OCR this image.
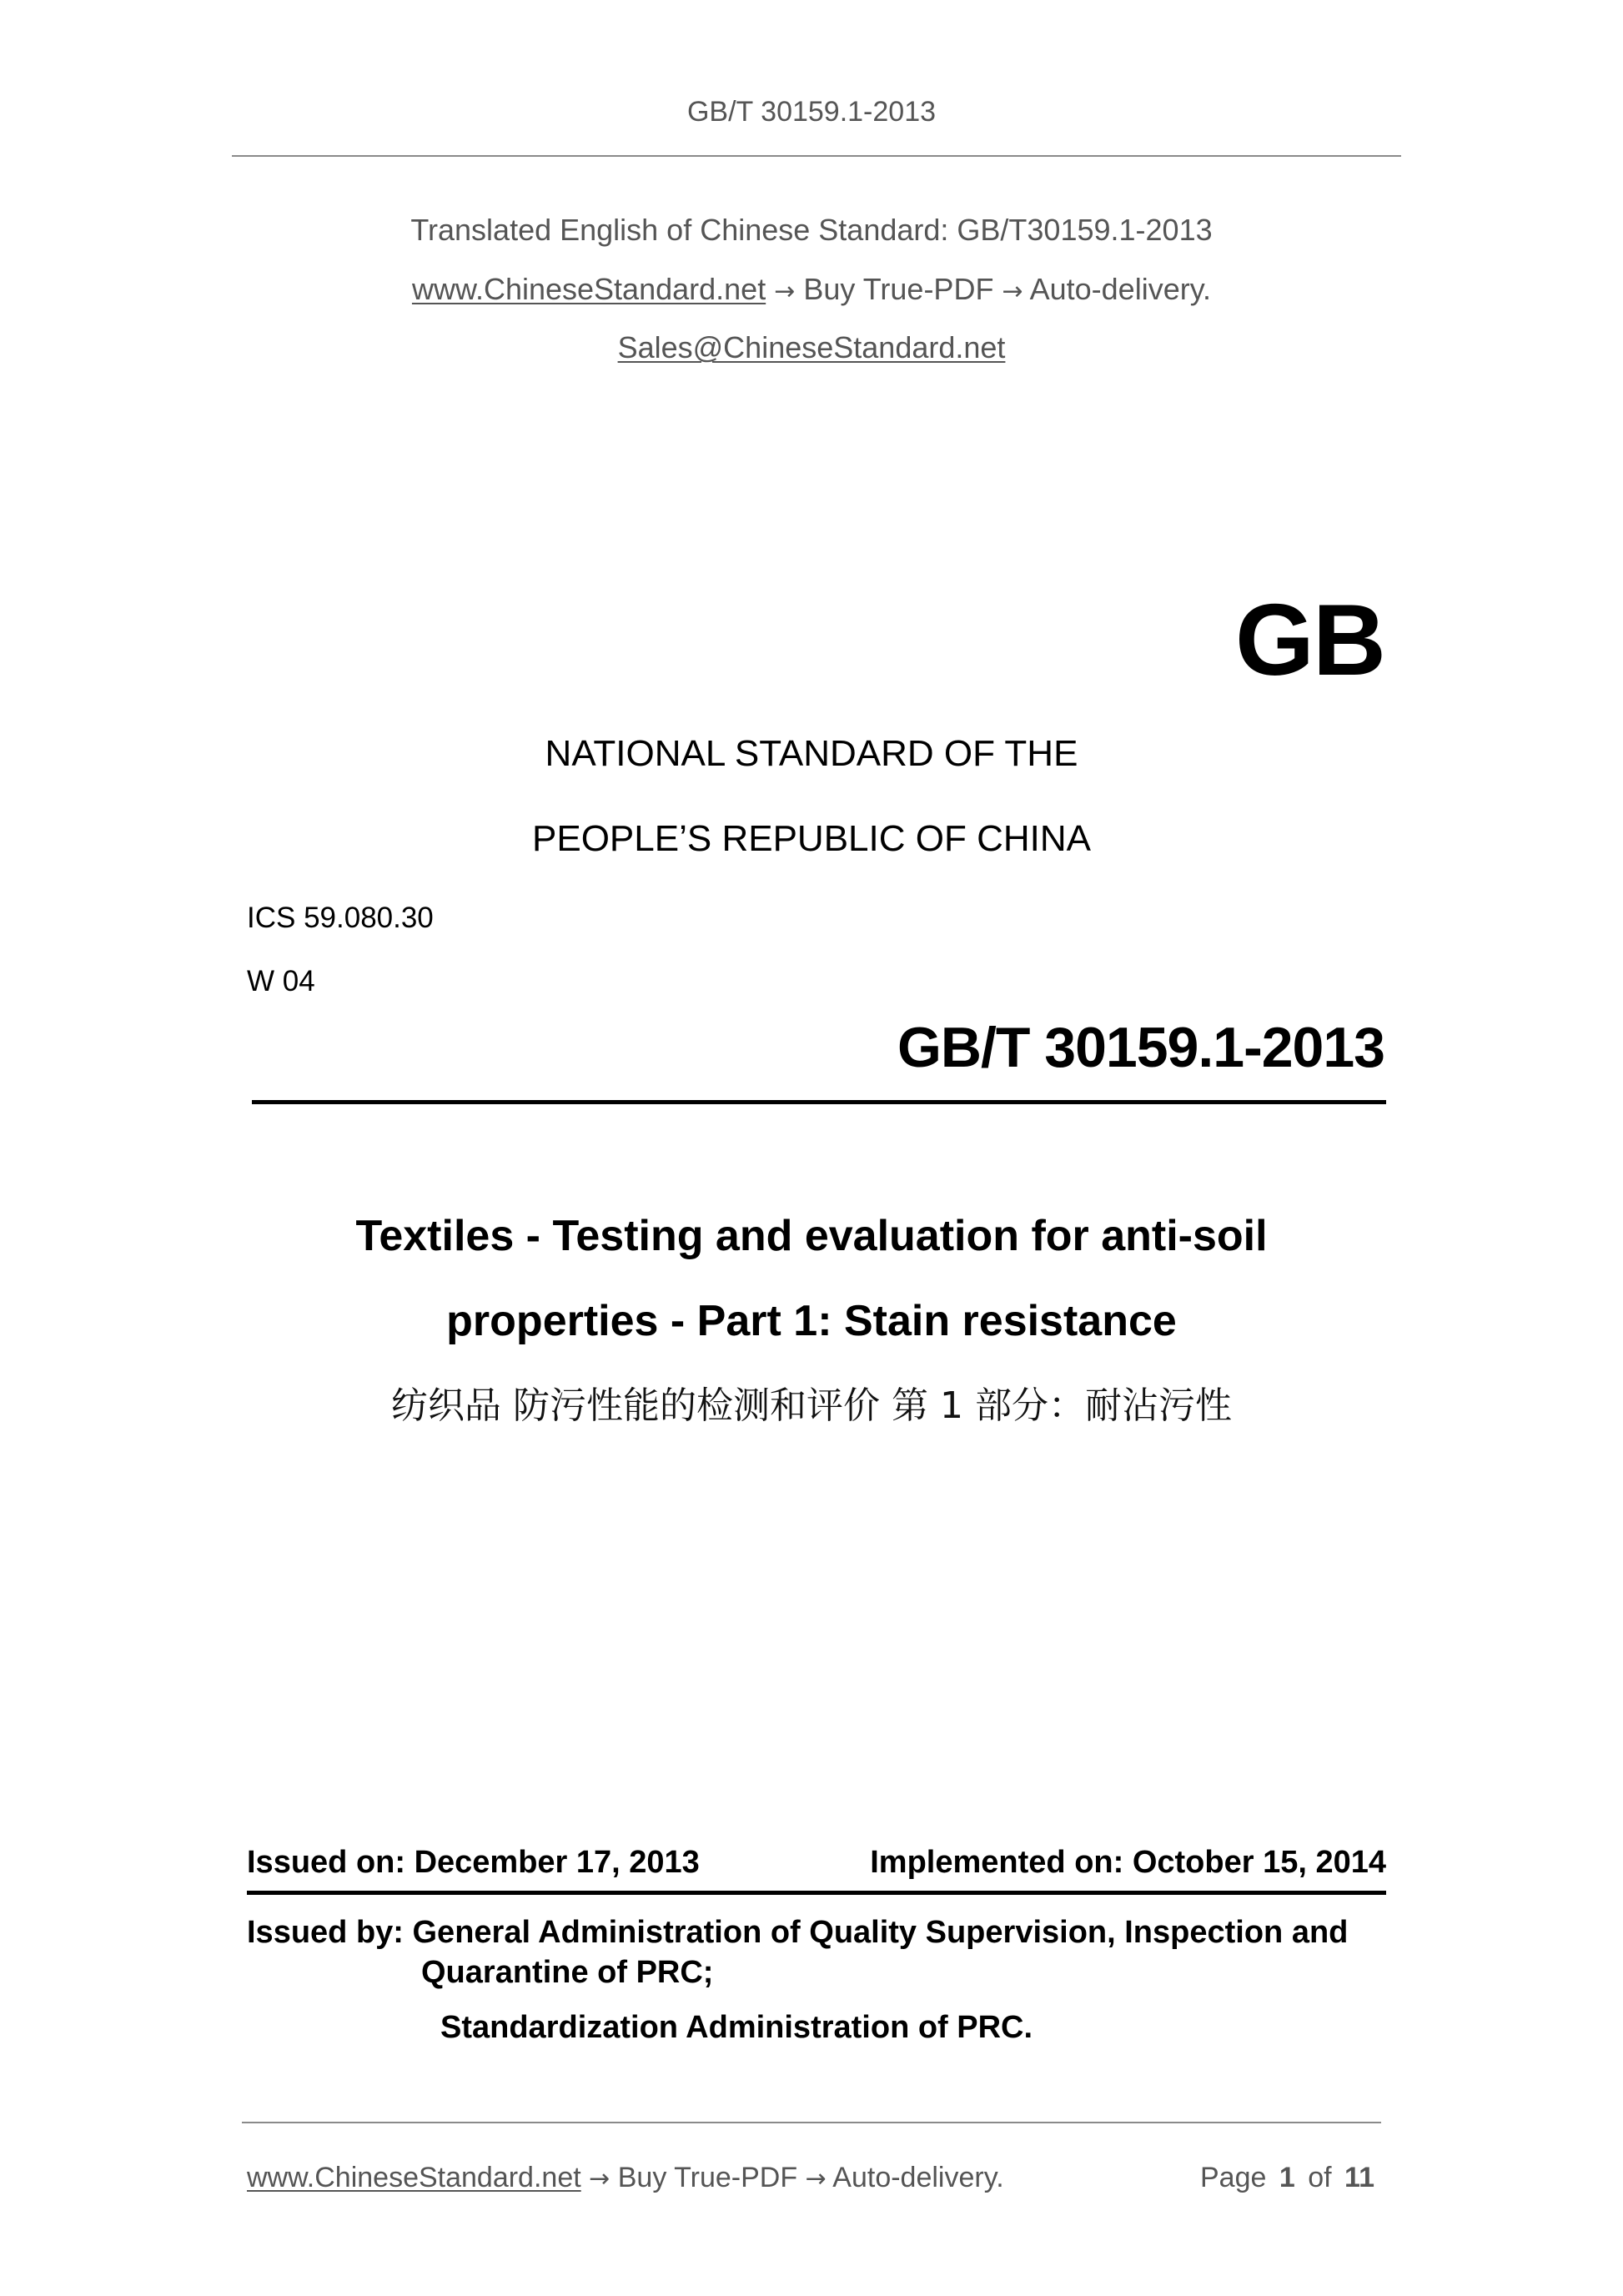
GB/T 30159.1-2013
Translated English of Chinese Standard: GB/T30159.1-2013
www.ChineseStandard.net → Buy True-PDF → Auto-delivery.
Sales@ChineseStandard.net
GB
NATIONAL STANDARD OF THE
PEOPLE’S REPUBLIC OF CHINA
ICS 59.080.30
W 04
GB/T 30159.1-2013
Textiles - Testing and evaluation for anti-soil
properties - Part 1: Stain resistance
纺织品 防污性能的检测和评价 第 1 部分：耐沾污性
Issued on: December 17, 2013	Implemented on: October 15, 2014
Issued by: General Administration of Quality Supervision, Inspection and
Quarantine of PRC;
Standardization Administration of PRC.
www.ChineseStandard.net → Buy True-PDF → Auto-delivery.	Page 1 of 11
